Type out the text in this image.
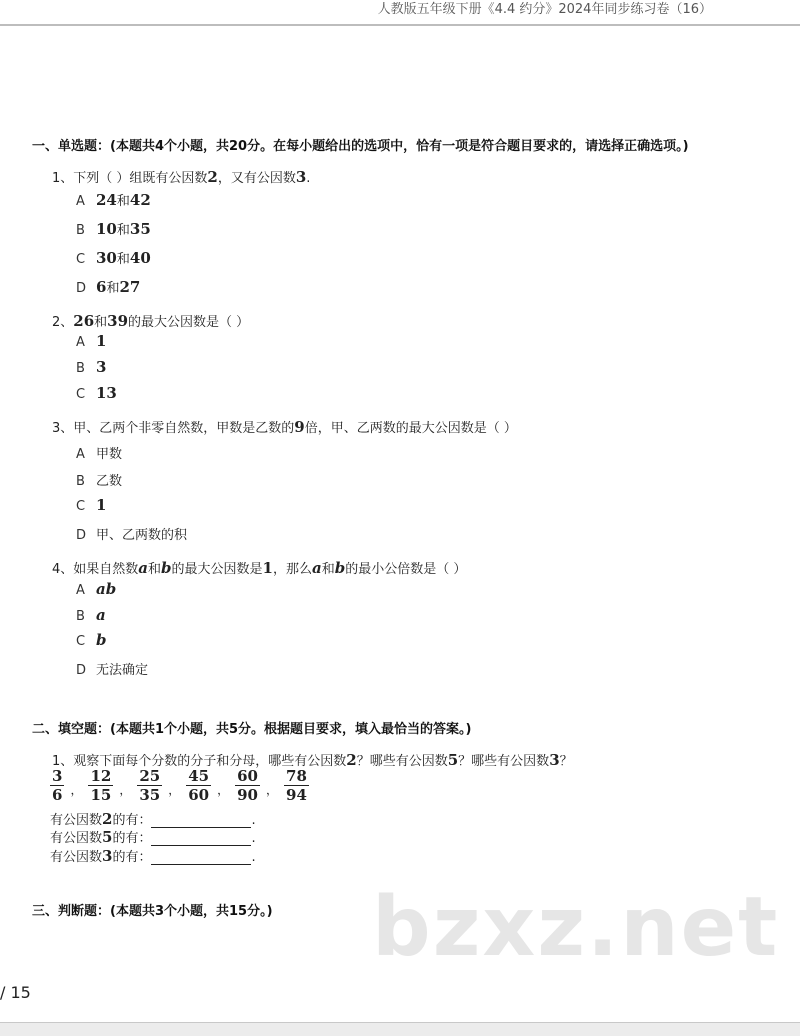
人教版五年级下册《4.4 约分》2024年同步练习卷（16）
一、单选题：(本题共4个小题，共20分。在每小题给出的选项中，恰有一项是符合题目要求的，请选择正确选项。)
1、下列（ ）组既有公因数2，又有公因数3.
A 24和42
B 10和35
C 30和40
D 6和27
2、26和39的最大公因数是（ ）
A 1
B 3
C 13
3、甲、乙两个非零自然数，甲数是乙数的9倍，甲、乙两数的最大公因数是（ ）
A 甲数
B 乙数
C 1
D 甲、乙两数的积
4、如果自然数a和b的最大公因数是1，那么a和b的最小公倍数是（ ）
A ab
B a
C b
D 无法确定
二、填空题：(本题共1个小题，共5分。根据题目要求，填入最恰当的答案。)
1、观察下面每个分数的分子和分母，哪些有公因数2？哪些有公因数5？哪些有公因数3？
$\frac{3}{6}$ ， $\frac{12}{15}$ ， $\frac{25}{35}$ ， $\frac{45}{60}$ ， $\frac{60}{90}$ ， $\frac{78}{94}$
有公因数2的有：	.
有公因数5的有：	.
有公因数3的有：	.
三、判断题：(本题共3个小题，共15分。) bzxz.net
/ 15
